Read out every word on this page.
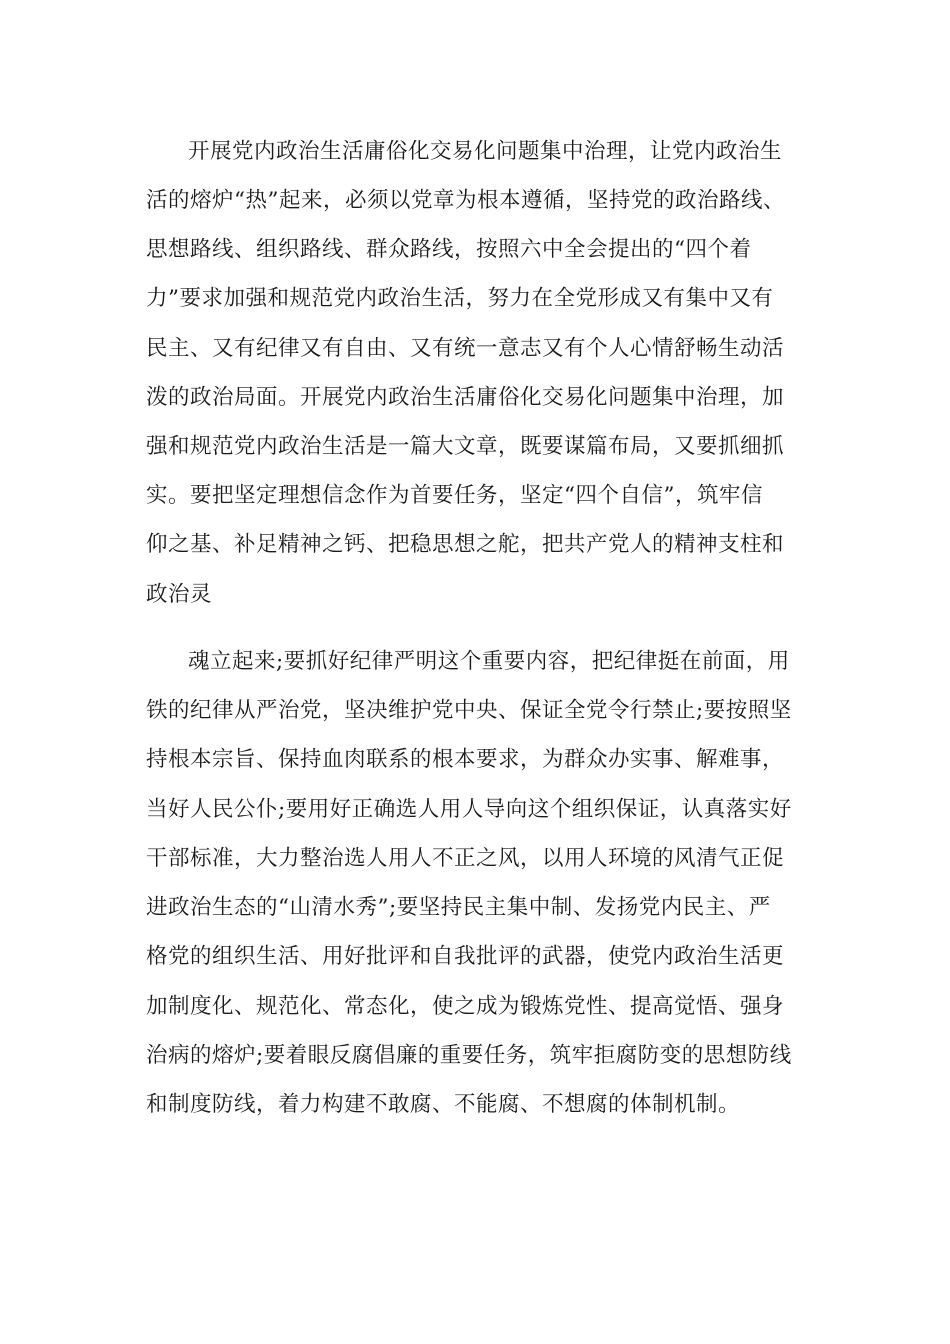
开展党内政治生活庸俗化交易化问题集中治理，让党内政治生

活的熔炉“热”起来，必须以党章为根本遵循，坚持党的政治路线、

思想路线、组织路线、群众路线，按照六中全会提出的“四个着

力”要求加强和规范党内政治生活，努力在全党形成又有集中又有

民主、又有纪律又有自由、又有统一意志又有个人心情舒畅生动活

泼的政治局面。开展党内政治生活庸俗化交易化问题集中治理，加

强和规范党内政治生活是一篇大文章，既要谋篇布局，又要抓细抓

实。要把坚定理想信念作为首要任务，坚定“四个自信”，筑牢信

仰之基、补足精神之钙、把稳思想之舵，把共产党人的精神支柱和

政治灵

魂立起来;要抓好纪律严明这个重要内容，把纪律挺在前面，用

铁的纪律从严治党，坚决维护党中央、保证全党令行禁止;要按照坚

持根本宗旨、保持血肉联系的根本要求，为群众办实事、解难事，

当好人民公仆;要用好正确选人用人导向这个组织保证，认真落实好

干部标准，大力整治选人用人不正之风，以用人环境的风清气正促

进政治生态的“山清水秀”;要坚持民主集中制、发扬党内民主、严

格党的组织生活、用好批评和自我批评的武器，使党内政治生活更

加制度化、规范化、常态化，使之成为锻炼党性、提高觉悟、强身

治病的熔炉;要着眼反腐倡廉的重要任务，筑牢拒腐防变的思想防线

和制度防线，着力构建不敢腐、不能腐、不想腐的体制机制。
